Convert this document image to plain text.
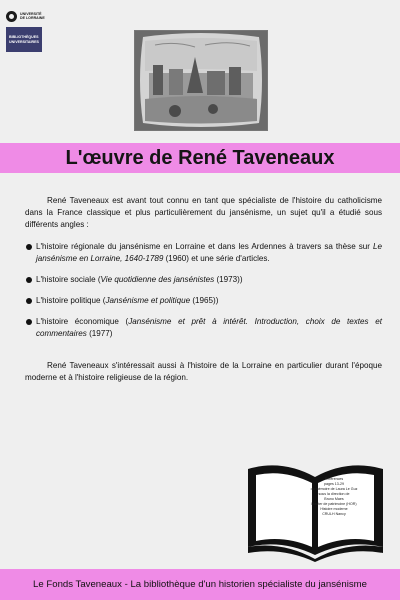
UNIVERSITÉ
DE LORRAINE
BIBLIOTHÈQUES
UNIVERSITAIRES
L'œuvre de René Taveneaux

René Taveneaux est avant tout connu en tant que spécialiste de l'histoire du catholicisme dans la France classique et plus particulièrement du jansénisme, un sujet qu'il a étudié sous différents angles :

L'histoire régionale du jansénisme en Lorraine et dans les Ardennes à travers sa thèse sur Le jansénisme en Lorraine, 1640-1789 (1960) et une série d'articles.
L'histoire sociale (Vie quotidienne des jansénistes (1973))
L'histoire politique (Jansénisme et politique (1965))
L'histoire économique (Jansénisme et prêt à intérêt. Introduction, choix de textes et commentaires (1977)

René Taveneaux s'intéressait aussi à l'histoire de la Lorraine en particulier durant l'époque moderne et à l'histoire religieuse de la région.

Références
pages 13-29
du mémoire de Laura Le Guz
sous la direction de
Bruno Maes
Master de patrimoine (HOR)
Histoire moderne
CRULH Nancy
Le Fonds Taveneaux - La bibliothèque d'un historien spécialiste du jansénisme
